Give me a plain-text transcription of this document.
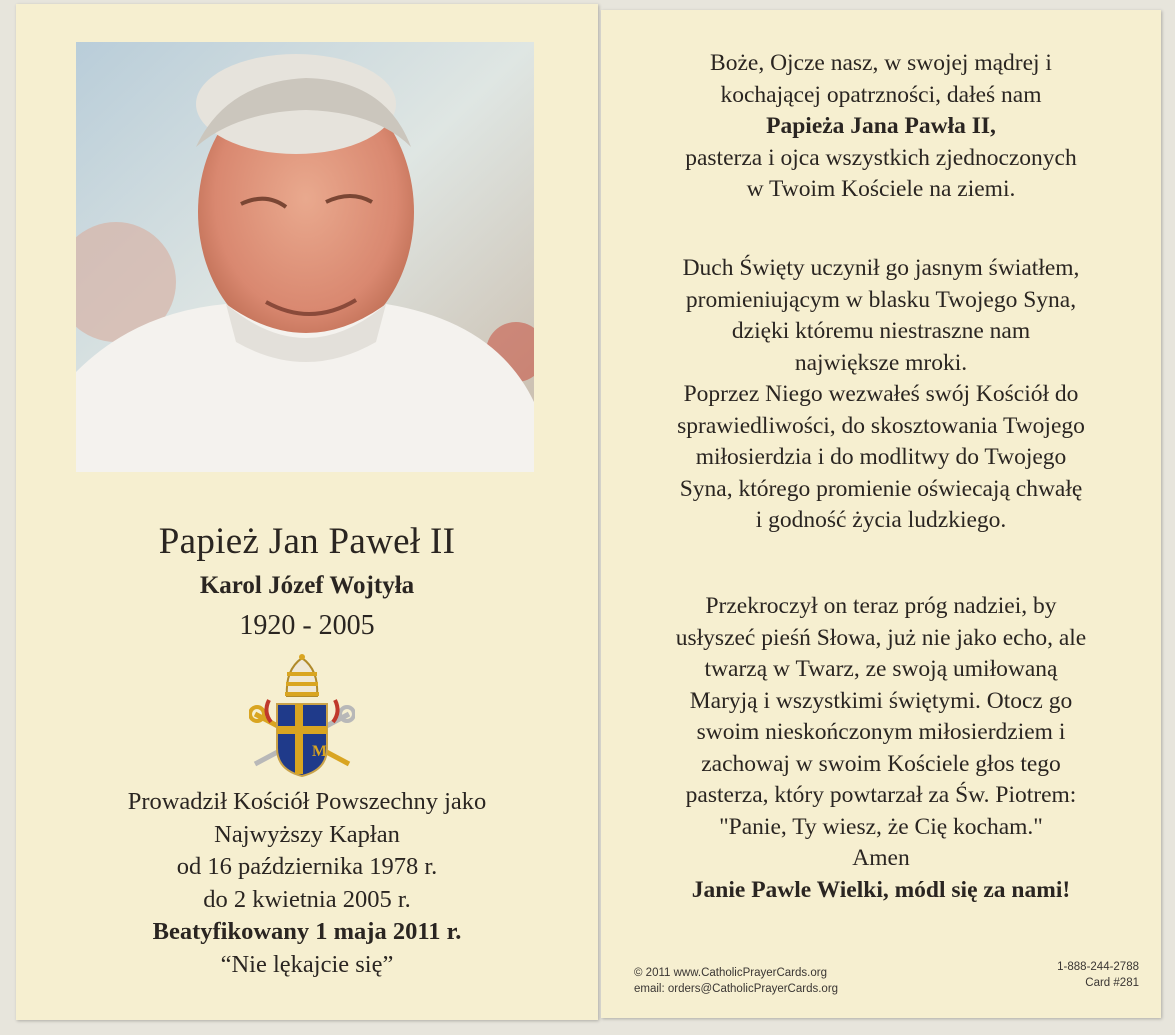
Papież Jan Paweł II
Karol Józef Wojtyła
1920 - 2005
M
Prowadził Kościół Powszechny jako
Najwyższy Kapłan
od 16 października 1978 r.
do 2 kwietnia 2005 r.
Beatyfikowany 1 maja 2011 r.
“Nie lękajcie się”
Boże, Ojcze nasz, w swojej mądrej i
kochającej opatrzności, dałeś nam
Papieża Jana Pawła II,
pasterza i ojca wszystkich zjednoczonych
w Twoim Kościele na ziemi.
Duch Święty uczynił go jasnym światłem,
promieniującym w blasku Twojego Syna,
dzięki któremu niestraszne nam
największe mroki.
Poprzez Niego wezwałeś swój Kościół do
sprawiedliwości, do skosztowania Twojego
miłosierdzia i do modlitwy do Twojego
Syna, którego promienie oświecają chwałę
i godność życia ludzkiego.
Przekroczył on teraz próg nadziei, by
usłyszeć pieśń Słowa, już nie jako echo, ale
twarzą w Twarz, ze swoją umiłowaną
Maryją i wszystkimi świętymi. Otocz go
swoim nieskończonym miłosierdziem i
zachowaj w swoim Kościele głos tego
pasterza, który powtarzał za Św. Piotrem:
"Panie, Ty wiesz, że Cię kocham."
Amen
Janie Pawle Wielki, módl się za nami!
© 2011 www.CatholicPrayerCards.org
email: orders@CatholicPrayerCards.org
1-888-244-2788
Card #281
